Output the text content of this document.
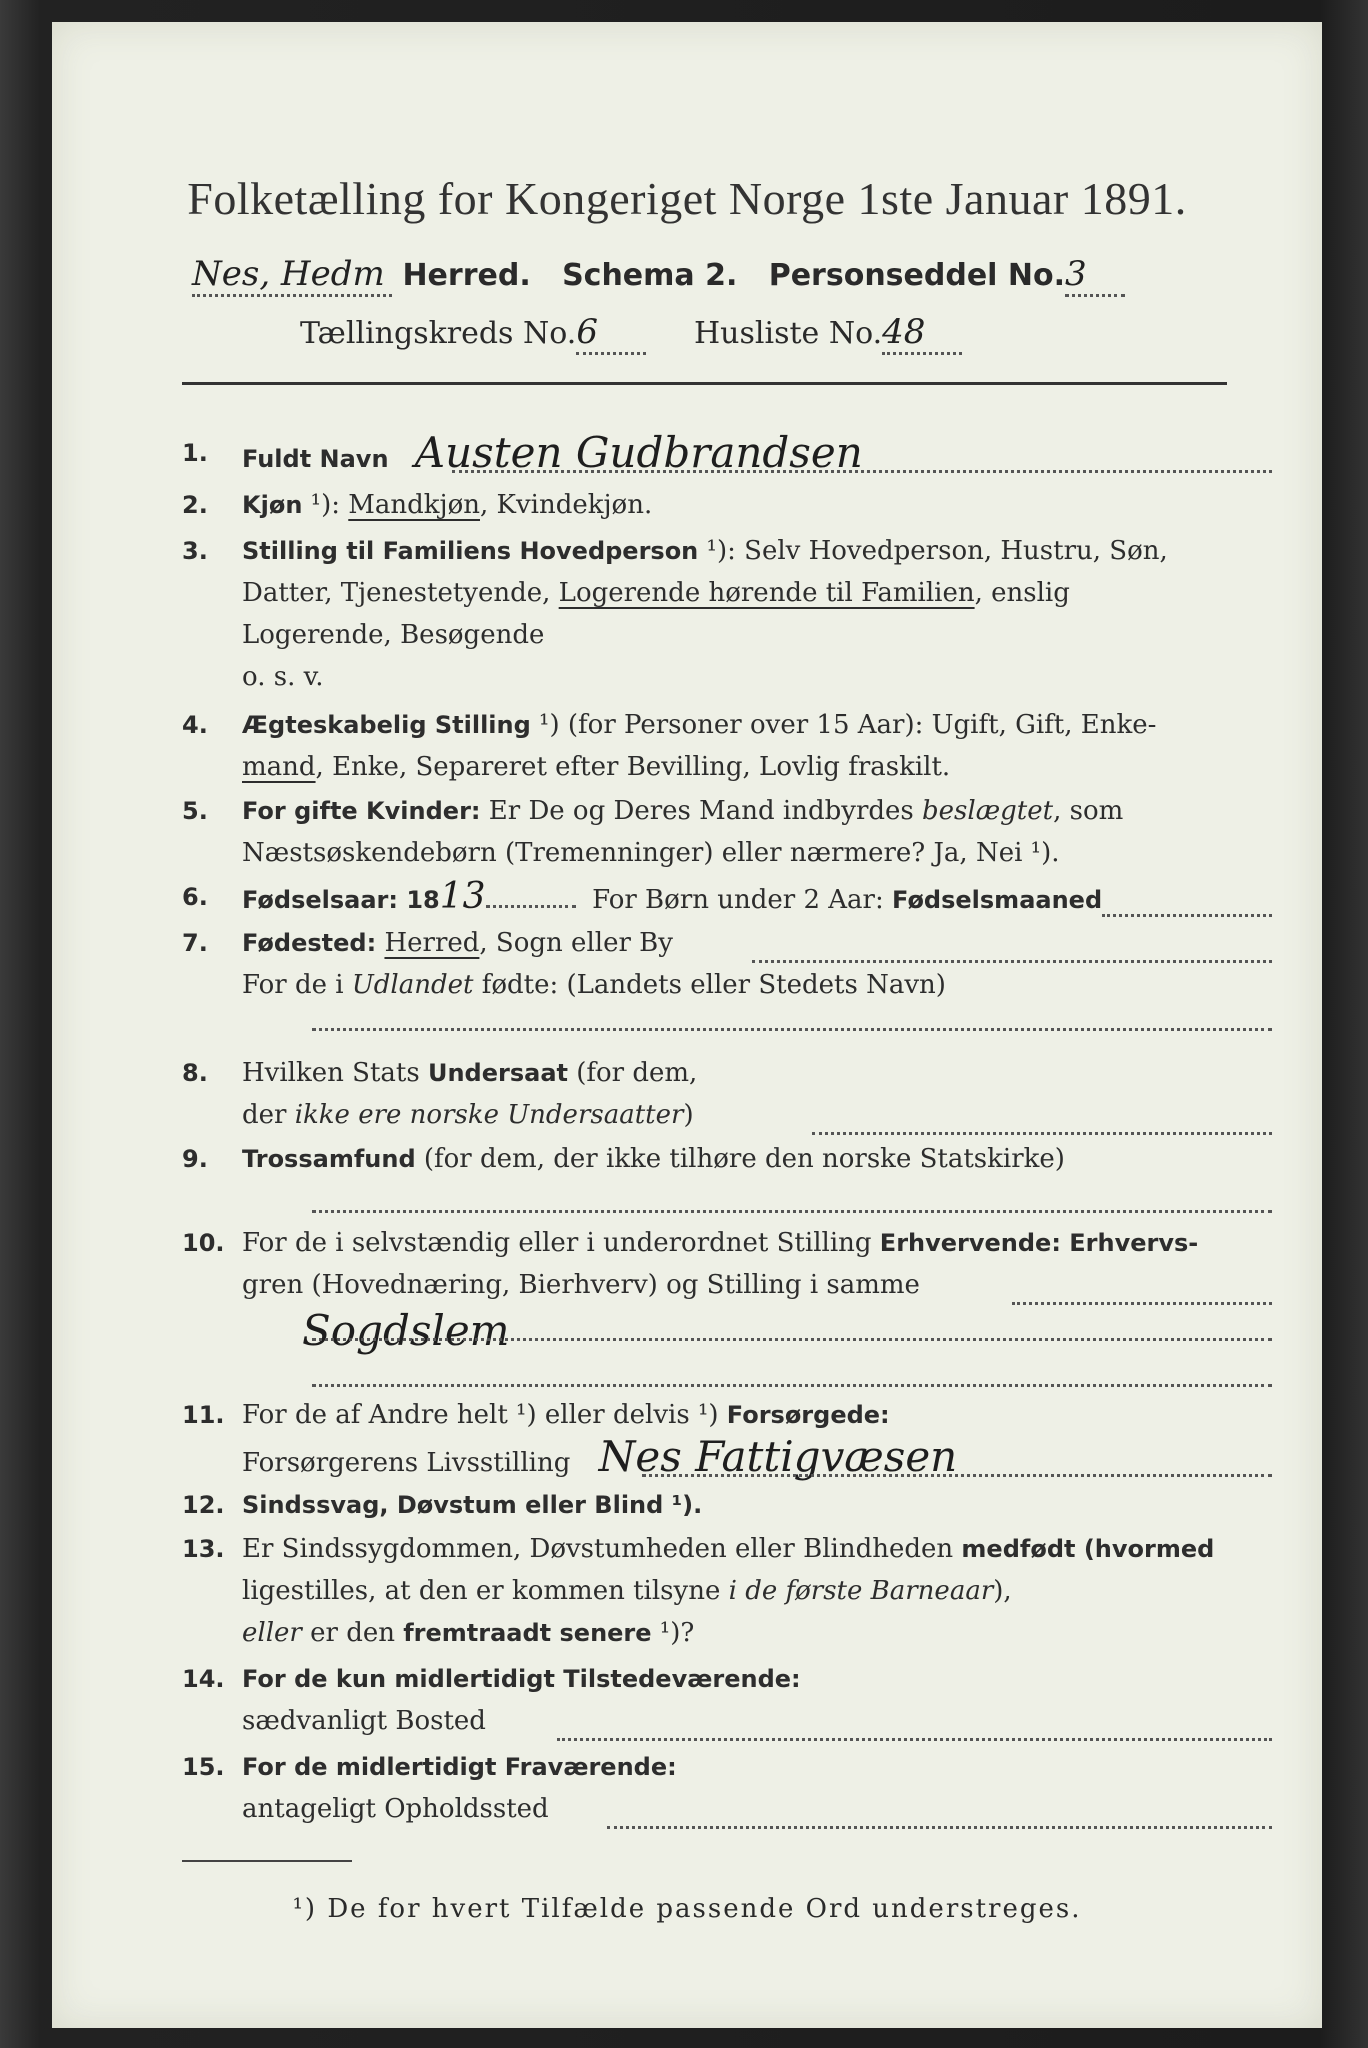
Folketælling for Kongeriget Norge 1ste Januar 1891.
Nes, Hedm Herred. Schema 2. Personseddel No.3
Tællingskreds No.6	Husliste No.48
1.	Fuldt Navn Austen Gudbrandsen
2.	Kjøn ¹): Mandkjøn, Kvindekjøn.
3.	Stilling til Familiens Hovedperson ¹): Selv Hovedperson, Hustru, Søn,
Datter, Tjenestetyende, Logerende hørende til Familien, enslig
Logerende, Besøgende
o. s. v.
4.	Ægteskabelig Stilling ¹) (for Personer over 15 Aar): Ugift, Gift, Enke-
mand, Enke, Separeret efter Bevilling, Lovlig fraskilt.
5.	For gifte Kvinder: Er De og Deres Mand indbyrdes beslægtet, som
Næstsøskendebørn (Tremenninger) eller nærmere? Ja, Nei ¹).
6.	Fødselsaar: 1813	For Børn under 2 Aar: Fødselsmaaned
7.	Fødested: Herred, Sogn eller By
For de i Udlandet fødte: (Landets eller Stedets Navn)
8.	Hvilken Stats Undersaat (for dem,
der ikke ere norske Undersaatter)
9.	Trossamfund (for dem, der ikke tilhøre den norske Statskirke)
10. For de i selvstændig eller i underordnet Stilling Erhvervende: Erhvervs-
gren (Hovednæring, Bierhverv) og Stilling i samme
Sogdslem
11. For de af Andre helt ¹) eller delvis ¹) Forsørgede:
Forsørgerens Livsstilling Nes Fattigvæsen
12. Sindssvag, Døvstum eller Blind ¹).
13. Er Sindssygdommen, Døvstumheden eller Blindheden medfødt (hvormed
ligestilles, at den er kommen tilsyne i de første Barneaar),
eller er den fremtraadt senere ¹)?
14. For de kun midlertidigt Tilstedeværende:
sædvanligt Bosted
15. For de midlertidigt Fraværende:
antageligt Opholdssted
¹) De for hvert Tilfælde passende Ord understreges.
